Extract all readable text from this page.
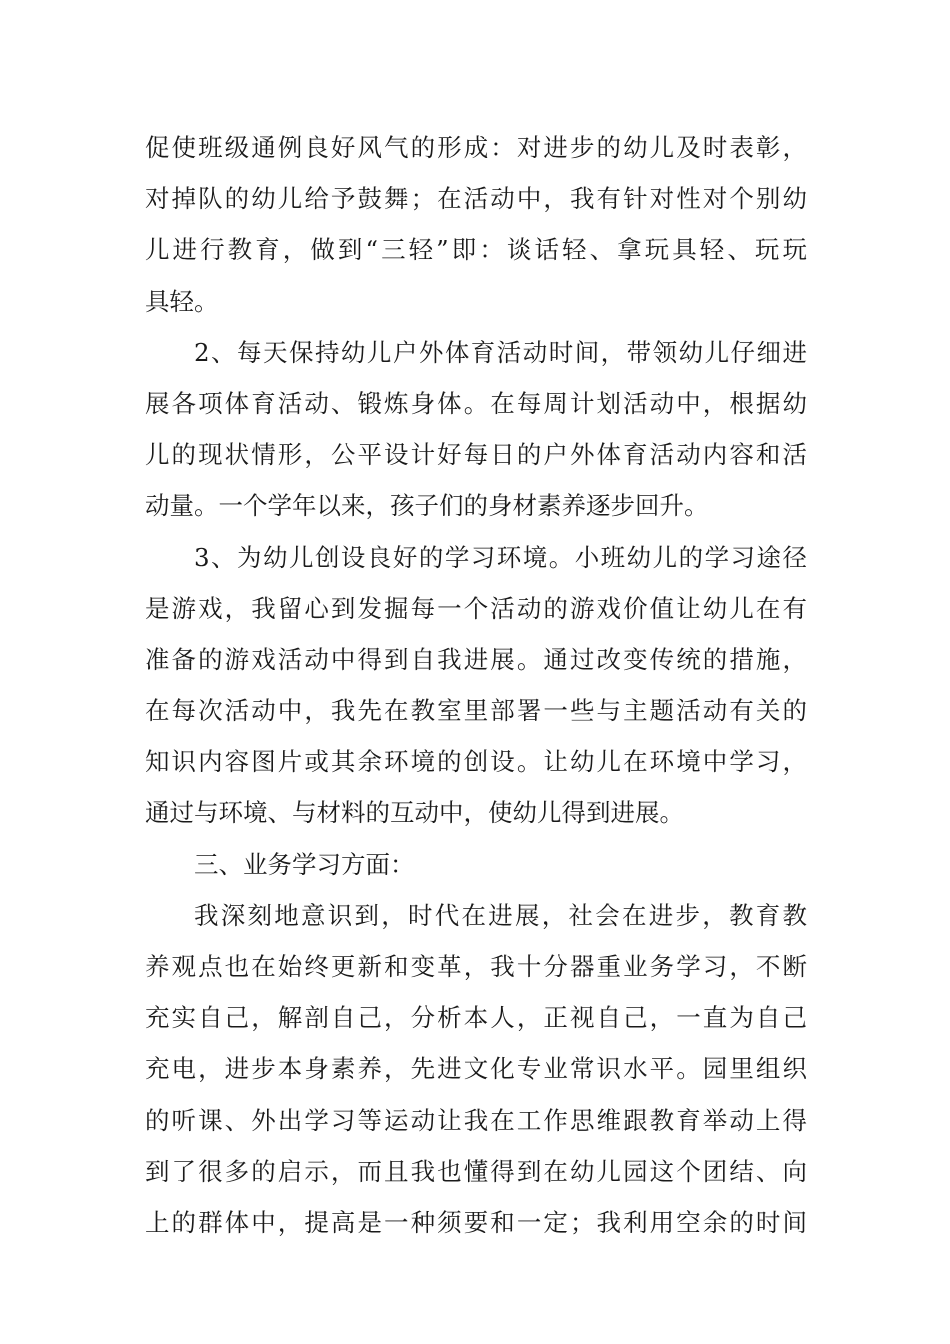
促使班级通例良好风气的形成：对进步的幼儿及时表彰，
对掉队的幼儿给予鼓舞；在活动中，我有针对性对个别幼
儿进行教育，做到“三轻”即：谈话轻、拿玩具轻、玩玩
具轻。
2、每天保持幼儿户外体育活动时间，带领幼儿仔细进
展各项体育活动、锻炼身体。在每周计划活动中，根据幼
儿的现状情形，公平设计好每日的户外体育活动内容和活
动量。一个学年以来，孩子们的身材素养逐步回升。
3、为幼儿创设良好的学习环境。小班幼儿的学习途径
是游戏，我留心到发掘每一个活动的游戏价值让幼儿在有
准备的游戏活动中得到自我进展。通过改变传统的措施，
在每次活动中，我先在教室里部署一些与主题活动有关的
知识内容图片或其余环境的创设。让幼儿在环境中学习，
通过与环境、与材料的互动中，使幼儿得到进展。
三、业务学习方面：
我深刻地意识到，时代在进展，社会在进步，教育教
养观点也在始终更新和变革，我十分器重业务学习，不断
充实自己，解剖自己，分析本人，正视自己，一直为自己
充电，进步本身素养，先进文化专业常识水平。园里组织
的听课、外出学习等运动让我在工作思维跟教育举动上得
到了很多的启示，而且我也懂得到在幼儿园这个团结、向
上的群体中，提高是一种须要和一定；我利用空余的时间
